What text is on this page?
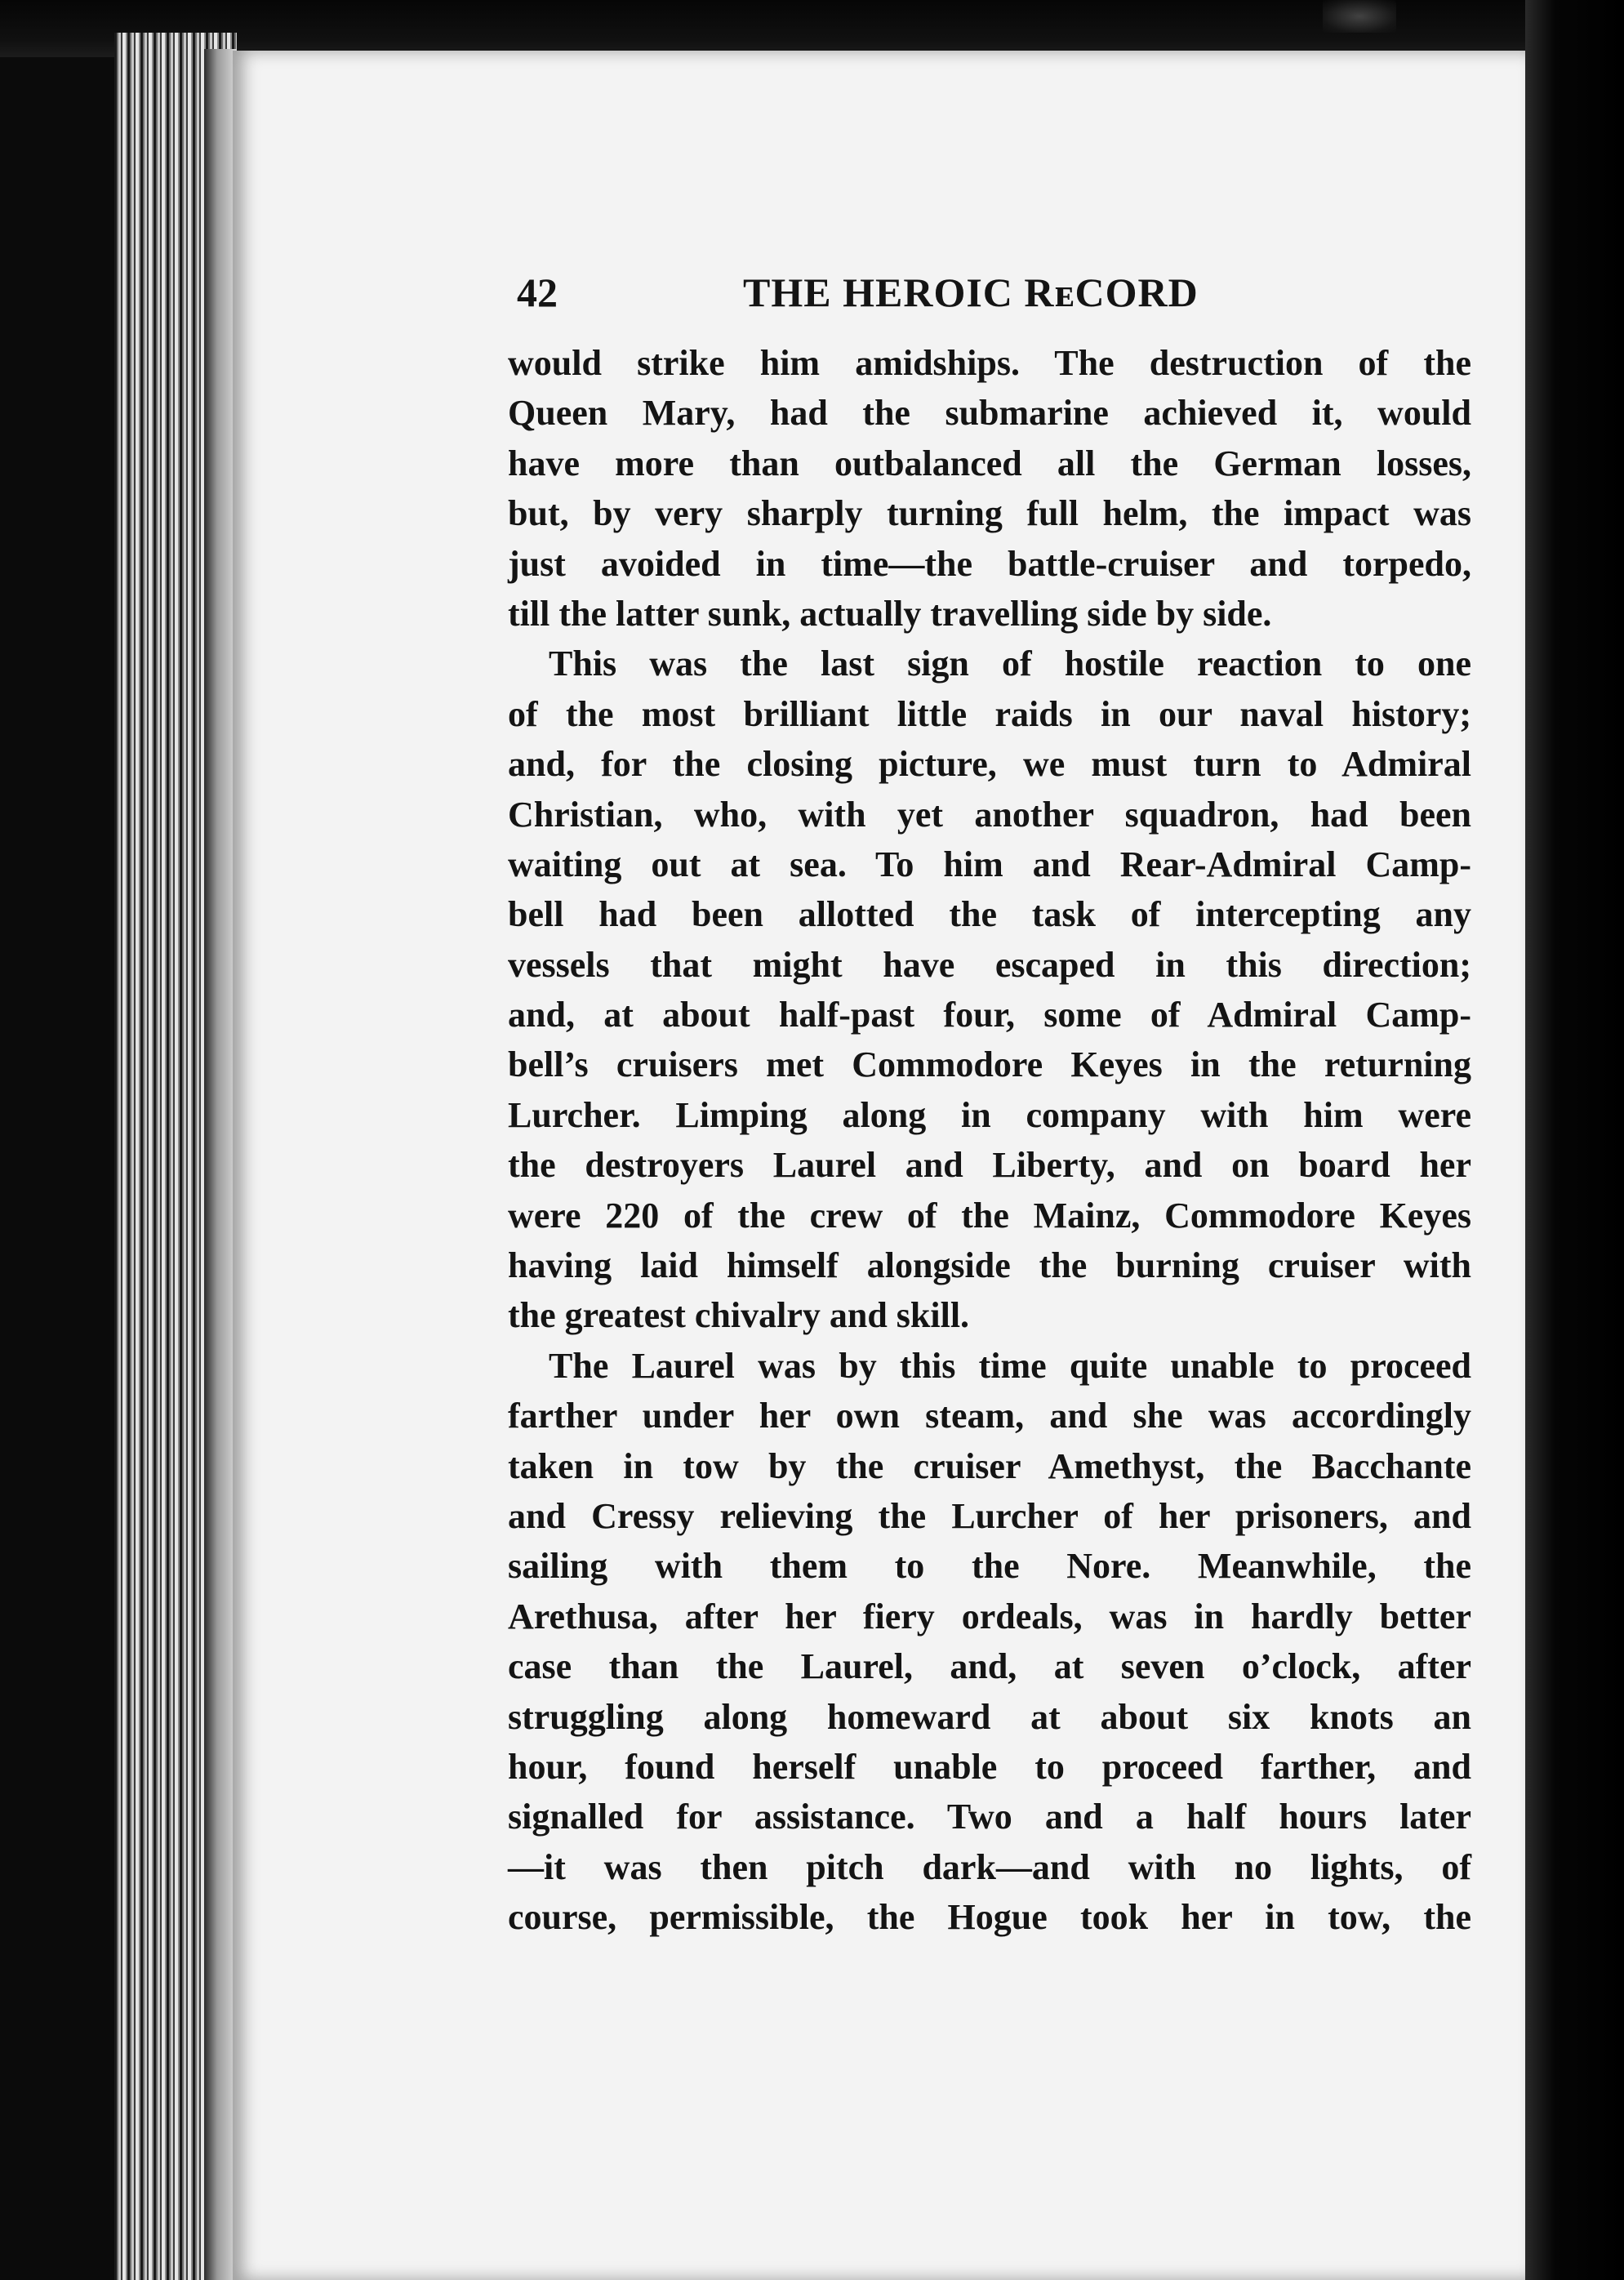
42	THE HEROIC RᴇCORD
would strike him amidships. The destruction of the
Queen Mary, had the submarine achieved it, would
have more than outbalanced all the German losses,
but, by very sharply turning full helm, the impact was
just avoided in time—the battle-cruiser and torpedo,
till the latter sunk, actually travelling side by side.
This was the last sign of hostile reaction to one
of the most brilliant little raids in our naval history;
and, for the closing picture, we must turn to Admiral
Christian, who, with yet another squadron, had been
waiting out at sea. To him and Rear-Admiral Camp-
bell had been allotted the task of intercepting any
vessels that might have escaped in this direction;
and, at about half-past four, some of Admiral Camp-
bell’s cruisers met Commodore Keyes in the returning
Lurcher. Limping along in company with him were
the destroyers Laurel and Liberty, and on board her
were 220 of the crew of the Mainz, Commodore Keyes
having laid himself alongside the burning cruiser with
the greatest chivalry and skill.
The Laurel was by this time quite unable to proceed
farther under her own steam, and she was accordingly
taken in tow by the cruiser Amethyst, the Bacchante
and Cressy relieving the Lurcher of her prisoners, and
sailing with them to the Nore. Meanwhile, the
Arethusa, after her fiery ordeals, was in hardly better
case than the Laurel, and, at seven o’clock, after
struggling along homeward at about six knots an
hour, found herself unable to proceed farther, and
signalled for assistance. Two and a half hours later
—it was then pitch dark—and with no lights, of
course, permissible, the Hogue took her in tow, the
